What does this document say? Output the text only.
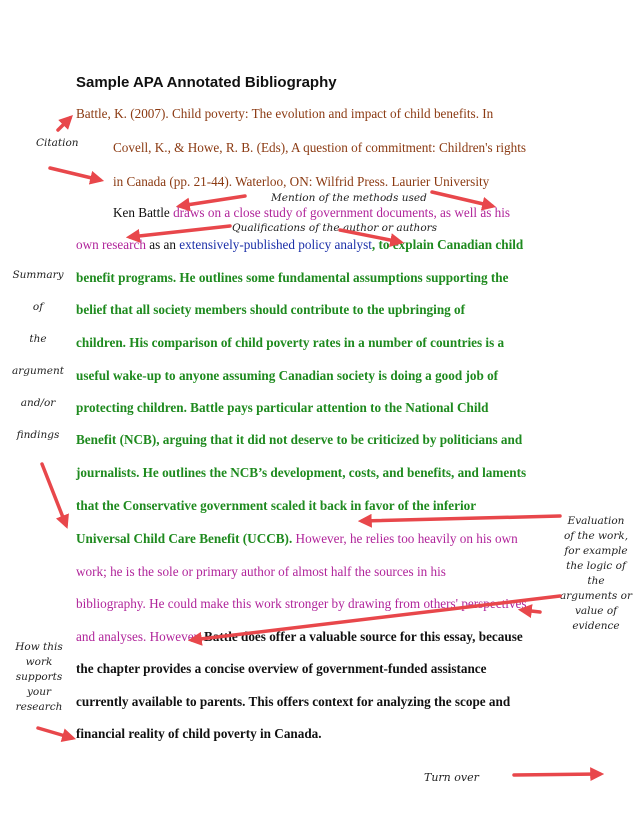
Sample APA Annotated Bibliography
Battle, K. (2007). Child poverty: The evolution and impact of child benefits. In
Covell, K., & Howe, R. B. (Eds), A question of commitment: Children's rights
in Canada (pp. 21-44). Waterloo, ON: Wilfrid Press. Laurier University
Ken Battle draws on a close study of government documents, as well as his
own research as an extensively-published policy analyst, to explain Canadian child
benefit programs. He outlines some fundamental assumptions supporting the
belief that all society members should contribute to the upbringing of
children. His comparison of child poverty rates in a number of countries is a
useful wake-up to anyone assuming Canadian society is doing a good job of
protecting children. Battle pays particular attention to the National Child
Benefit (NCB), arguing that it did not deserve to be criticized by politicians and
journalists. He outlines the NCB’s development, costs, and benefits, and laments
that the Conservative government scaled it back in favor of the inferior
Universal Child Care Benefit (UCCB). However, he relies too heavily on his own
work; he is the sole or primary author of almost half the sources in his
bibliography. He could make this work stronger by drawing from others' perspectives
and analyses. However, Battle does offer a valuable source for this essay, because
the chapter provides a concise overview of government-funded assistance
currently available to parents. This offers context for analyzing the scope and
financial reality of child poverty in Canada.
Citation
Mention of the methods used
Qualifications of the author or authors
Summary
of
the
argument
and/or
findings
Evaluation
of the work,
for example
the logic of
the
arguments or
value of
evidence
How this
work
supports
your
research
Turn over
